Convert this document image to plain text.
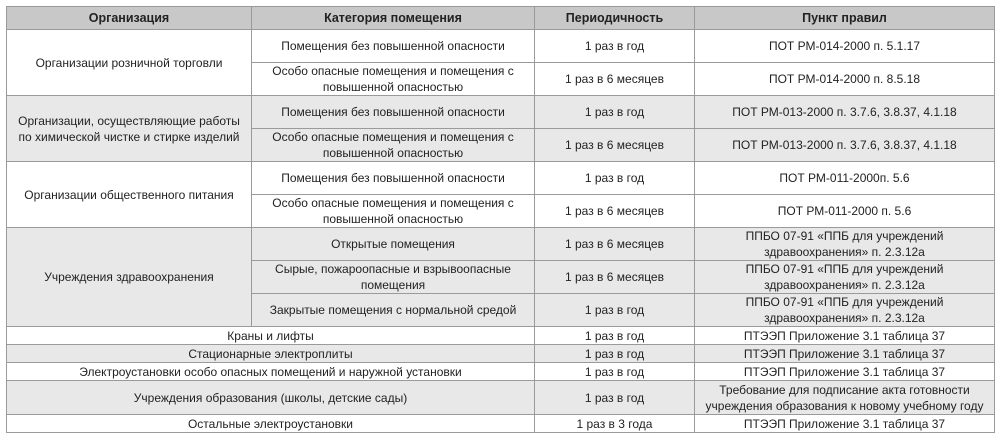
Организация	Категория помещения	Периодичность	Пункт правил
Организации розничной торговли	Помещения без повышенной опасности	1 раз в год	ПОТ РМ-014-2000 п. 5.1.17
	Особо опасные помещения и помещения с повышенной опасностью	1 раз в 6 месяцев	ПОТ РМ-014-2000 п. 8.5.18
Организации, осуществляющие работы по химической чистке и стирке изделий	Помещения без повышенной опасности	1 раз в год	ПОТ РМ-013-2000 п. 3.7.6, 3.8.37, 4.1.18
	Особо опасные помещения и помещения с повышенной опасностью	1 раз в 6 месяцев	ПОТ РМ-013-2000 п. 3.7.6, 3.8.37, 4.1.18
Организации общественного питания	Помещения без повышенной опасности	1 раз в год	ПОТ РМ-011-2000п. 5.6
	Особо опасные помещения и помещения с повышенной опасностью	1 раз в 6 месяцев	ПОТ РМ-011-2000 п. 5.6
Учреждения здравоохранения	Открытые помещения	1 раз в 6 месяцев	ППБО 07-91 «ППБ для учреждений здравоохранения» п. 2.3.12а
	Сырые, пожароопасные и взрывоопасные помещения	1 раз в 6 месяцев	ППБО 07-91 «ППБ для учреждений здравоохранения» п. 2.3.12а
	Закрытые помещения с нормальной средой	1 раз в год	ППБО 07-91 «ППБ для учреждений здравоохранения» п. 2.3.12а
Краны и лифты		1 раз в год	ПТЭЭП Приложение 3.1 таблица 37
Стационарные электроплиты		1 раз в год	ПТЭЭП Приложение 3.1 таблица 37
Электроустановки особо опасных помещений и наружной установки		1 раз в год	ПТЭЭП Приложение 3.1 таблица 37
Учреждения образования (школы, детские сады)		1 раз в год	Требование для подписание акта готовности учреждения образования к новому учебному году
Остальные электроустановки		1 раз в 3 года	ПТЭЭП Приложение 3.1 таблица 37
